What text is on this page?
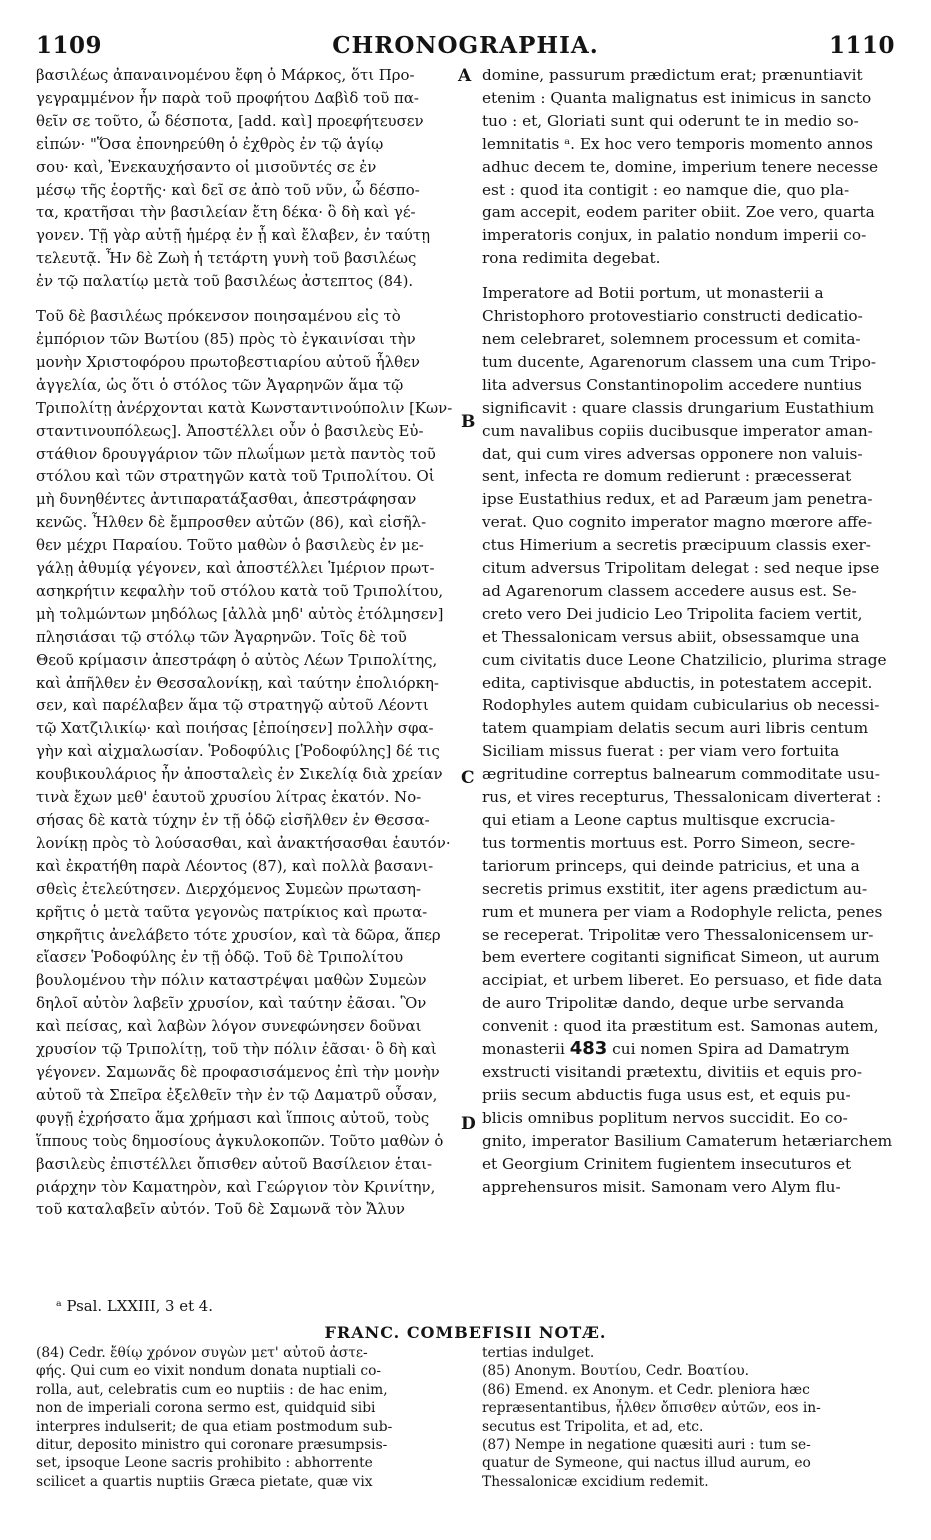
CHRONOGRAPHIA.
1109	1110
A
B
C
D

βασιλέως ἀπαναινομένου ἔφη ὁ Μάρκος, ὅτι Προ-

γεγραμμένον ἦν παρὰ τοῦ προφήτου Δαβὶδ τοῦ πα-

θεῖν σε τοῦτο, ὦ δέσποτα, [add. καὶ] προεφήτευσεν

εἰπών· "Ὅσα ἐπονηρεύθη ὁ ἐχθρὸς ἐν τῷ ἁγίῳ

σου· καὶ, Ἐνεκαυχήσαντο οἱ μισοῦντές σε ἐν

μέσῳ τῆς ἑορτῆς· καὶ δεῖ σε ἀπὸ τοῦ νῦν, ὦ δέσπο-

τα, κρατῆσαι τὴν βασιλείαν ἔτη δέκα· ὃ δὴ καὶ γέ-

γονεν. Τῇ γὰρ αὐτῇ ἡμέρᾳ ἐν ᾗ καὶ ἔλαβεν, ἐν ταύτῃ

τελευτᾷ. Ἦν δὲ Ζωὴ ἡ τετάρτη γυνὴ τοῦ βασιλέως

ἐν τῷ παλατίῳ μετὰ τοῦ βασιλέως ἀστεπτος (84).

Τοῦ δὲ βασιλέως πρόκενσον ποιησαμένου εἰς τὸ

ἐμπόριον τῶν Βωτίου (85) πρὸς τὸ ἐγκαινίσαι τὴν

μονὴν Χριστοφόρου πρωτοβεστιαρίου αὐτοῦ ἦλθεν

ἀγγελία, ὡς ὅτι ὁ στόλος τῶν Ἀγαρηνῶν ἅμα τῷ

Τριπολίτῃ ἀνέρχονται κατὰ Κωνσταντινούπολιν [Κων-

σταντινουπόλεως]. Ἀποστέλλει οὖν ὁ βασιλεὺς Εὐ-

στάθιον δρουγγάριον τῶν πλωΐμων μετὰ παντὸς τοῦ

στόλου καὶ τῶν στρατηγῶν κατὰ τοῦ Τριπολίτου. Οἱ

μὴ δυνηθέντες ἀντιπαρατάξασθαι, ἀπεστράφησαν

κενῶς. Ἦλθεν δὲ ἔμπροσθεν αὐτῶν (86), καὶ εἰσῆλ-

θεν μέχρι Παραίου. Τοῦτο μαθὼν ὁ βασιλεὺς ἐν με-

γάλῃ ἀθυμίᾳ γέγονεν, καὶ ἀποστέλλει Ἱμέριον πρωτ-

ασηκρήτιν κεφαλὴν τοῦ στόλου κατὰ τοῦ Τριπολίτου,

μὴ τολμώντων μηδόλως [ἀλλὰ μηδ' αὐτὸς ἐτόλμησεν]

πλησιάσαι τῷ στόλῳ τῶν Ἀγαρηνῶν. Τοῖς δὲ τοῦ

Θεοῦ κρίμασιν ἀπεστράφη ὁ αὐτὸς Λέων Τριπολίτης,

καὶ ἀπῆλθεν ἐν Θεσσαλονίκῃ, καὶ ταύτην ἐπολιόρκη-

σεν, καὶ παρέλαβεν ἅμα τῷ στρατηγῷ αὐτοῦ Λέοντι

τῷ Χατζιλικίῳ· καὶ ποιήσας [ἐποίησεν] πολλὴν σφα-

γὴν καὶ αἰχμαλωσίαν. Ῥοδοφύλις [Ῥοδοφύλης] δέ τις

κουβικουλάριος ἦν ἀποσταλεὶς ἐν Σικελίᾳ διὰ χρείαν

τινὰ ἔχων μεθ' ἑαυτοῦ χρυσίου λίτρας ἑκατόν. Νο-

σήσας δὲ κατὰ τύχην ἐν τῇ ὁδῷ εἰσῆλθεν ἐν Θεσσα-

λονίκῃ πρὸς τὸ λούσασθαι, καὶ ἀνακτήσασθαι ἑαυτόν·

καὶ ἐκρατήθη παρὰ Λέοντος (87), καὶ πολλὰ βασανι-

σθεὶς ἐτελεύτησεν. Διερχόμενος Συμεὼν πρωταση-

κρῆτις ὁ μετὰ ταῦτα γεγονὼς πατρίκιος καὶ πρωτα-

σηκρῆτις ἀνελάβετο τότε χρυσίον, καὶ τὰ δῶρα, ἅπερ

εἴασεν Ῥοδοφύλης ἐν τῇ ὁδῷ. Τοῦ δὲ Τριπολίτου

βουλομένου τὴν πόλιν καταστρέψαι μαθὼν Συμεὼν

δηλοῖ αὐτὸν λαβεῖν χρυσίον, καὶ ταύτην ἐᾶσαι. Ὃν

καὶ πείσας, καὶ λαβὼν λόγον συνεφώνησεν δοῦναι

χρυσίον τῷ Τριπολίτῃ, τοῦ τὴν πόλιν ἐᾶσαι· ὃ δὴ καὶ

γέγονεν. Σαμωνᾶς δὲ προφασισάμενος ἐπὶ τὴν μονὴν

αὐτοῦ τὰ Σπεῖρα ἐξελθεῖν τὴν ἐν τῷ Δαματρῦ οὖσαν,

φυγῇ ἐχρήσατο ἅμα χρήμασι καὶ ἵπποις αὐτοῦ, τοὺς

ἵππους τοὺς δημοσίους ἀγκυλοκοπῶν. Τοῦτο μαθὼν ὁ

βασιλεὺς ἐπιστέλλει ὄπισθεν αὐτοῦ Βασίλειον ἑται-

ριάρχην τὸν Καματηρὸν, καὶ Γεώργιον τὸν Κρινίτην,

τοῦ καταλαβεῖν αὐτόν. Τοῦ δὲ Σαμωνᾶ τὸν Ἄλυν

domine, passurum prædictum erat; prænuntiavit

etenim : Quanta malignatus est inimicus in sancto

tuo : et, Gloriati sunt qui oderunt te in medio so-

lemnitatis ᵃ. Ex hoc vero temporis momento annos

adhuc decem te, domine, imperium tenere necesse

est : quod ita contigit : eo namque die, quo pla-

gam accepit, eodem pariter obiit. Zoe vero, quarta

imperatoris conjux, in palatio nondum imperii co-

rona redimita degebat.

Imperatore ad Botii portum, ut monasterii a

Christophoro protovestiario constructi dedicatio-

nem celebraret, solemnem processum et comita-

tum ducente, Agarenorum classem una cum Tripo-

lita adversus Constantinopolim accedere nuntius

significavit : quare classis drungarium Eustathium

cum navalibus copiis ducibusque imperator aman-

dat, qui cum vires adversas opponere non valuis-

sent, infecta re domum redierunt : præcesserat

ipse Eustathius redux, et ad Paræum jam penetra-

verat. Quo cognito imperator magno mœrore affe-

ctus Himerium a secretis præcipuum classis exer-

citum adversus Tripolitam delegat : sed neque ipse

ad Agarenorum classem accedere ausus est. Se-

creto vero Dei judicio Leo Tripolita faciem vertit,

et Thessalonicam versus abiit, obsessamque una

cum civitatis duce Leone Chatzilicio, plurima strage

edita, captivisque abductis, in potestatem accepit.

Rodophyles autem quidam cubicularius ob necessi-

tatem quampiam delatis secum auri libris centum

Siciliam missus fuerat : per viam vero fortuita

ægritudine correptus balnearum commoditate usu-

rus, et vires recepturus, Thessalonicam diverterat :

qui etiam a Leone captus multisque excrucia-

tus tormentis mortuus est. Porro Simeon, secre-

tariorum princeps, qui deinde patricius, et una a

secretis primus exstitit, iter agens prædictum au-

rum et munera per viam a Rodophyle relicta, penes

se receperat. Tripolitæ vero Thessalonicensem ur-

bem evertere cogitanti significat Simeon, ut aurum

accipiat, et urbem liberet. Eo persuaso, et fide data

de auro Tripolitæ dando, deque urbe servanda

convenit : quod ita præstitum est. Samonas autem,

monasterii 483 cui nomen Spira ad Damatrym

exstructi visitandi prætextu, divitiis et equis pro-

priis secum abductis fuga usus est, et equis pu-

blicis omnibus poplitum nervos succidit. Eo co-

gnito, imperator Basilium Camaterum hetæriarchem

et Georgium Crinitem fugientem insecuturos et

apprehensuros misit. Samonam vero Alym flu-

ᵃ Psal. LXXIII, 3 et 4.
FRANC. COMBEFISII NOTÆ.

(84) Cedr. ἔθίῳ χρόνον συγὼν μετ' αὐτοῦ ἀστε-

φής. Qui cum eo vixit nondum donata nuptiali co-

rolla, aut, celebratis cum eo nuptiis : de hac enim,

non de imperiali corona sermo est, quidquid sibi

interpres indulserit; de qua etiam postmodum sub-

ditur, deposito ministro qui coronare præsumpsis-

set, ipsoque Leone sacris prohibito : abhorrente

scilicet a quartis nuptiis Græca pietate, quæ vix

tertias indulget.

(85) Anonym. Βουτίου, Cedr. Βοατίου.

(86) Emend. ex Anonym. et Cedr. pleniora hæc

repræsentantibus, ἦλθεν ὄπισθεν αὐτῶν, eos in-

secutus est Tripolita, et ad, etc.

(87) Nempe in negatione quæsiti auri : tum se-

quatur de Symeone, qui nactus illud aurum, eo

Thessalonicæ excidium redemit.
